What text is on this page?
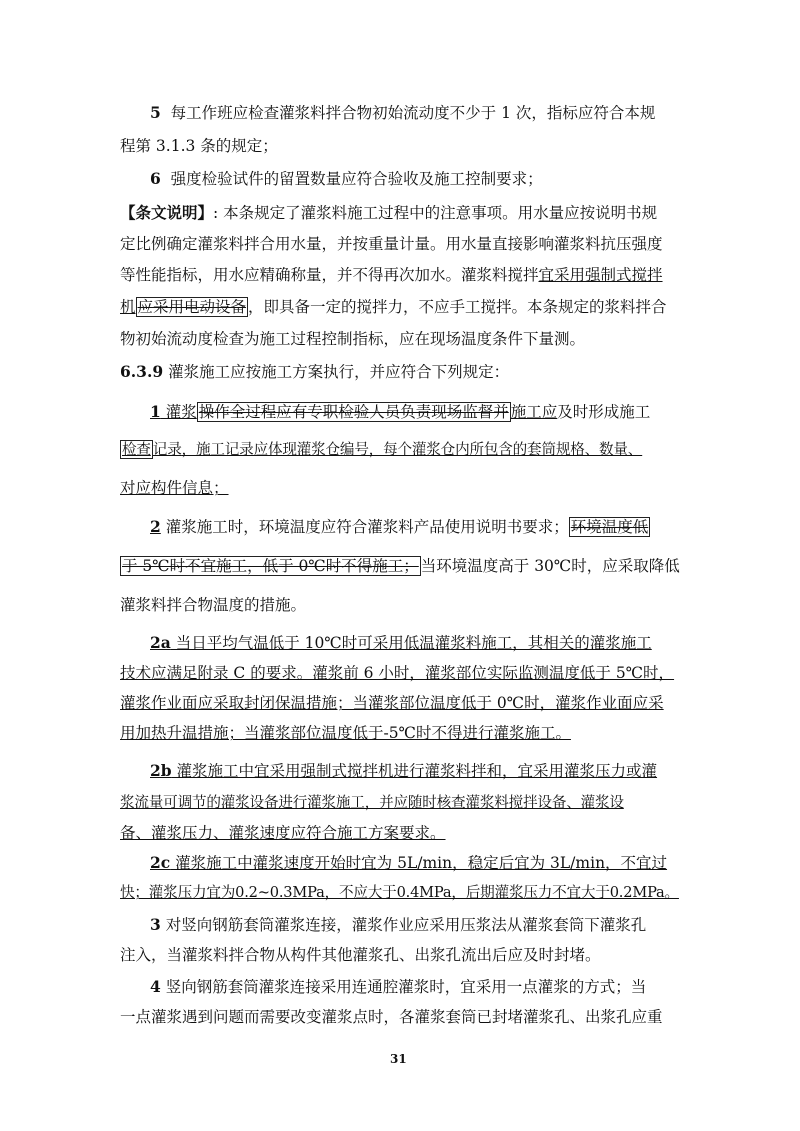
5 每工作班应检查灌浆料拌合物初始流动度不少于 1 次，指标应符合本规
程第 3.1.3 条的规定；
6 强度检验试件的留置数量应符合验收及施工控制要求；
【条文说明】: 本条规定了灌浆料施工过程中的注意事项。用水量应按说明书规
定比例确定灌浆料拌合用水量，并按重量计量。用水量直接影响灌浆料抗压强度
等性能指标，用水应精确称量，并不得再次加水。灌浆料搅拌宜采用强制式搅拌
机 应采用电动设备 ，即具备一定的搅拌力，不应手工搅拌。本条规定的浆料拌合
物初始流动度检查为施工过程控制指标，应在现场温度条件下量测。
6.3.9 灌浆施工应按施工方案执行，并应符合下列规定：
1 灌浆 操作全过程应有专职检验人员负责现场监督并 施工应及时形成施工
检查 记录，施工记录应体现灌浆仓编号，每个灌浆仓内所包含的套筒规格、数量、
对应构件信息；
2 灌浆施工时，环境温度应符合灌浆料产品使用说明书要求； 环境温度低
于 5℃时不宜施工，低于 0℃时不得施工； 当环境温度高于 30℃时，应采取降低
灌浆料拌合物温度的措施。
2a 当日平均气温低于 10℃时可采用低温灌浆料施工，其相关的灌浆施工
技术应满足附录 C 的要求。灌浆前 6 小时，灌浆部位实际监测温度低于 5℃时，
灌浆作业面应采取封闭保温措施；当灌浆部位温度低于 0℃时，灌浆作业面应采
用加热升温措施；当灌浆部位温度低于-5℃时不得进行灌浆施工。
2b 灌浆施工中宜采用强制式搅拌机进行灌浆料拌和，宜采用灌浆压力或灌
浆流量可调节的灌浆设备进行灌浆施工，并应随时核查灌浆料搅拌设备、灌浆设
备、灌浆压力、灌浆速度应符合施工方案要求。
2c 灌浆施工中灌浆速度开始时宜为 5L/min，稳定后宜为 3L/min，不宜过
快；灌浆压力宜为0.2~0.3MPa，不应大于0.4MPa，后期灌浆压力不宜大于0.2MPa。
3 对竖向钢筋套筒灌浆连接，灌浆作业应采用压浆法从灌浆套筒下灌浆孔
注入，当灌浆料拌合物从构件其他灌浆孔、出浆孔流出后应及时封堵。
4 竖向钢筋套筒灌浆连接采用连通腔灌浆时，宜采用一点灌浆的方式；当
一点灌浆遇到问题而需要改变灌浆点时，各灌浆套筒已封堵灌浆孔、出浆孔应重
31
